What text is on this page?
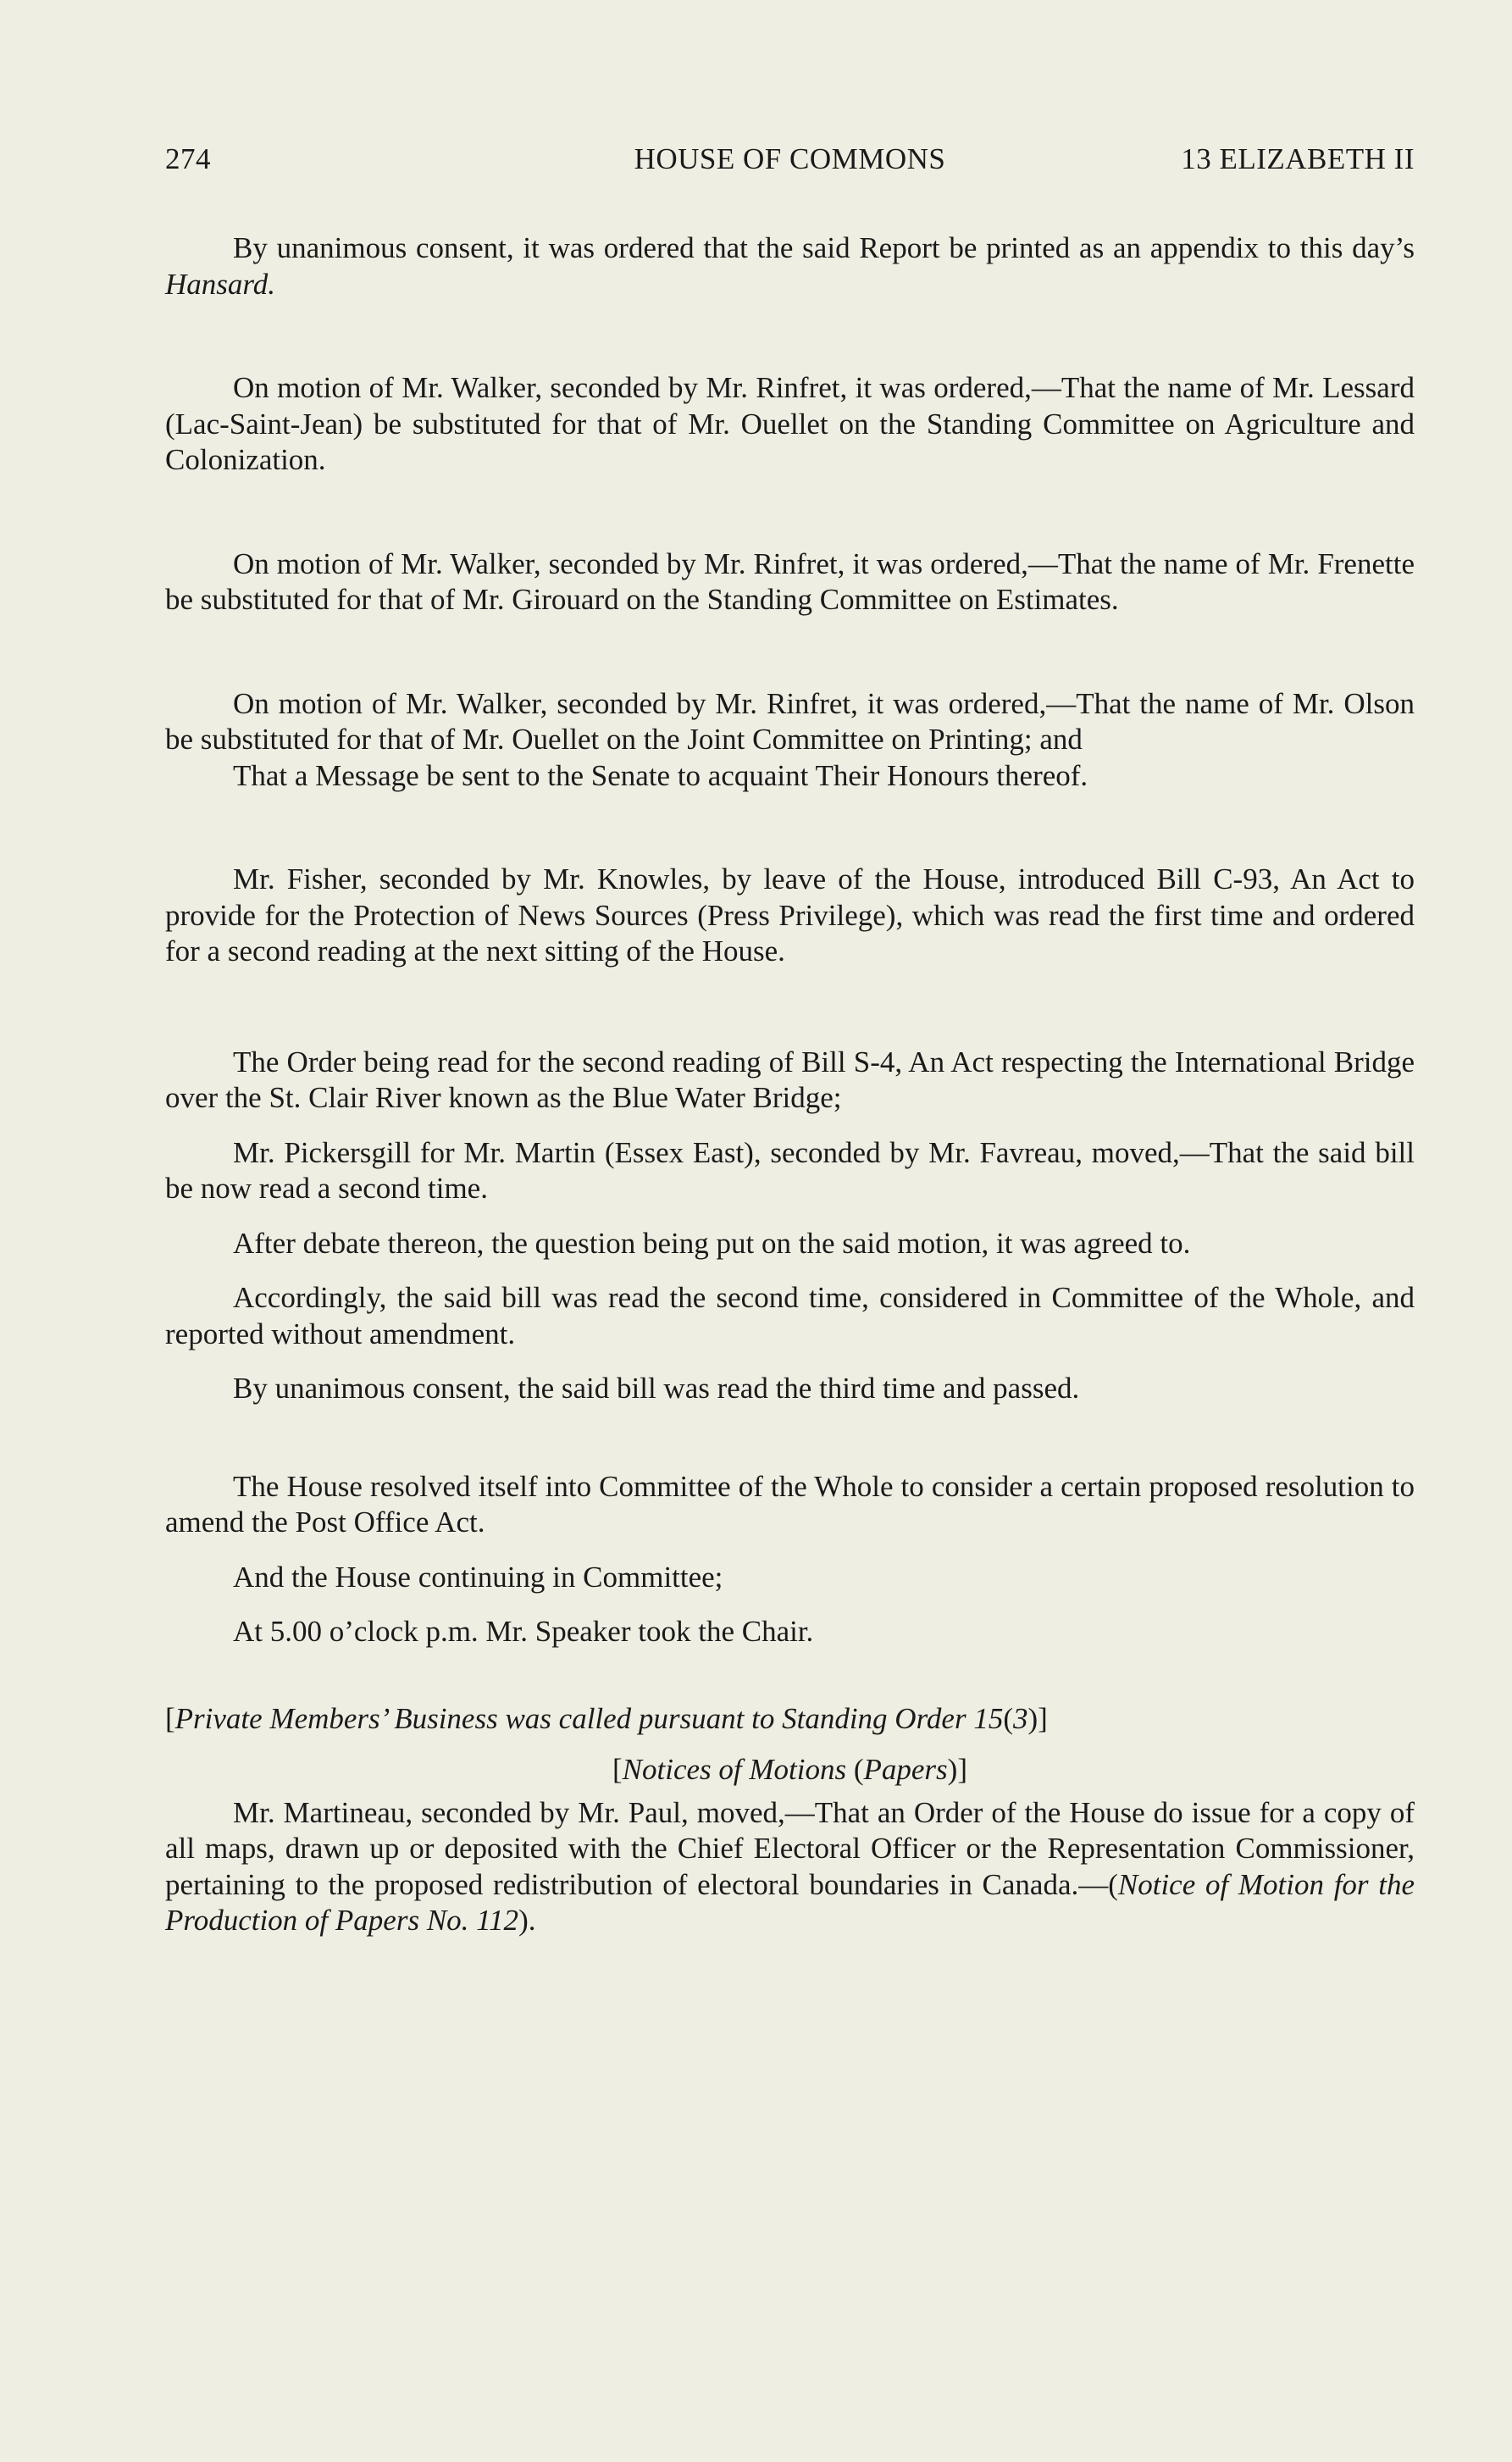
274	HOUSE OF COMMONS	13 ELIZABETH II

By unanimous consent, it was ordered that the said Report be printed as an appendix to this day’s Hansard.

On motion of Mr. Walker, seconded by Mr. Rinfret, it was ordered,—That the name of Mr. Lessard (Lac-Saint-Jean) be substituted for that of Mr. Ouellet on the Standing Committee on Agriculture and Colonization.

On motion of Mr. Walker, seconded by Mr. Rinfret, it was ordered,—That the name of Mr. Frenette be substituted for that of Mr. Girouard on the Standing Committee on Estimates.

On motion of Mr. Walker, seconded by Mr. Rinfret, it was ordered,—That the name of Mr. Olson be substituted for that of Mr. Ouellet on the Joint Committee on Printing; and

That a Message be sent to the Senate to acquaint Their Honours thereof.

Mr. Fisher, seconded by Mr. Knowles, by leave of the House, introduced Bill C-93, An Act to provide for the Protection of News Sources (Press Privilege), which was read the first time and ordered for a second reading at the next sitting of the House.

The Order being read for the second reading of Bill S-4, An Act respecting the International Bridge over the St. Clair River known as the Blue Water Bridge;

Mr. Pickersgill for Mr. Martin (Essex East), seconded by Mr. Favreau, moved,—That the said bill be now read a second time.

After debate thereon, the question being put on the said motion, it was agreed to.

Accordingly, the said bill was read the second time, considered in Committee of the Whole, and reported without amendment.

By unanimous consent, the said bill was read the third time and passed.

The House resolved itself into Committee of the Whole to consider a certain proposed resolution to amend the Post Office Act.

And the House continuing in Committee;

At 5.00 o’clock p.m. Mr. Speaker took the Chair.

[Private Members’ Business was called pursuant to Standing Order 15(3)]

[Notices of Motions (Papers)]

Mr. Martineau, seconded by Mr. Paul, moved,—That an Order of the House do issue for a copy of all maps, drawn up or deposited with the Chief Electoral Officer or the Representation Commissioner, pertaining to the proposed redistribution of electoral boundaries in Canada.—(Notice of Motion for the Production of Papers No. 112).
